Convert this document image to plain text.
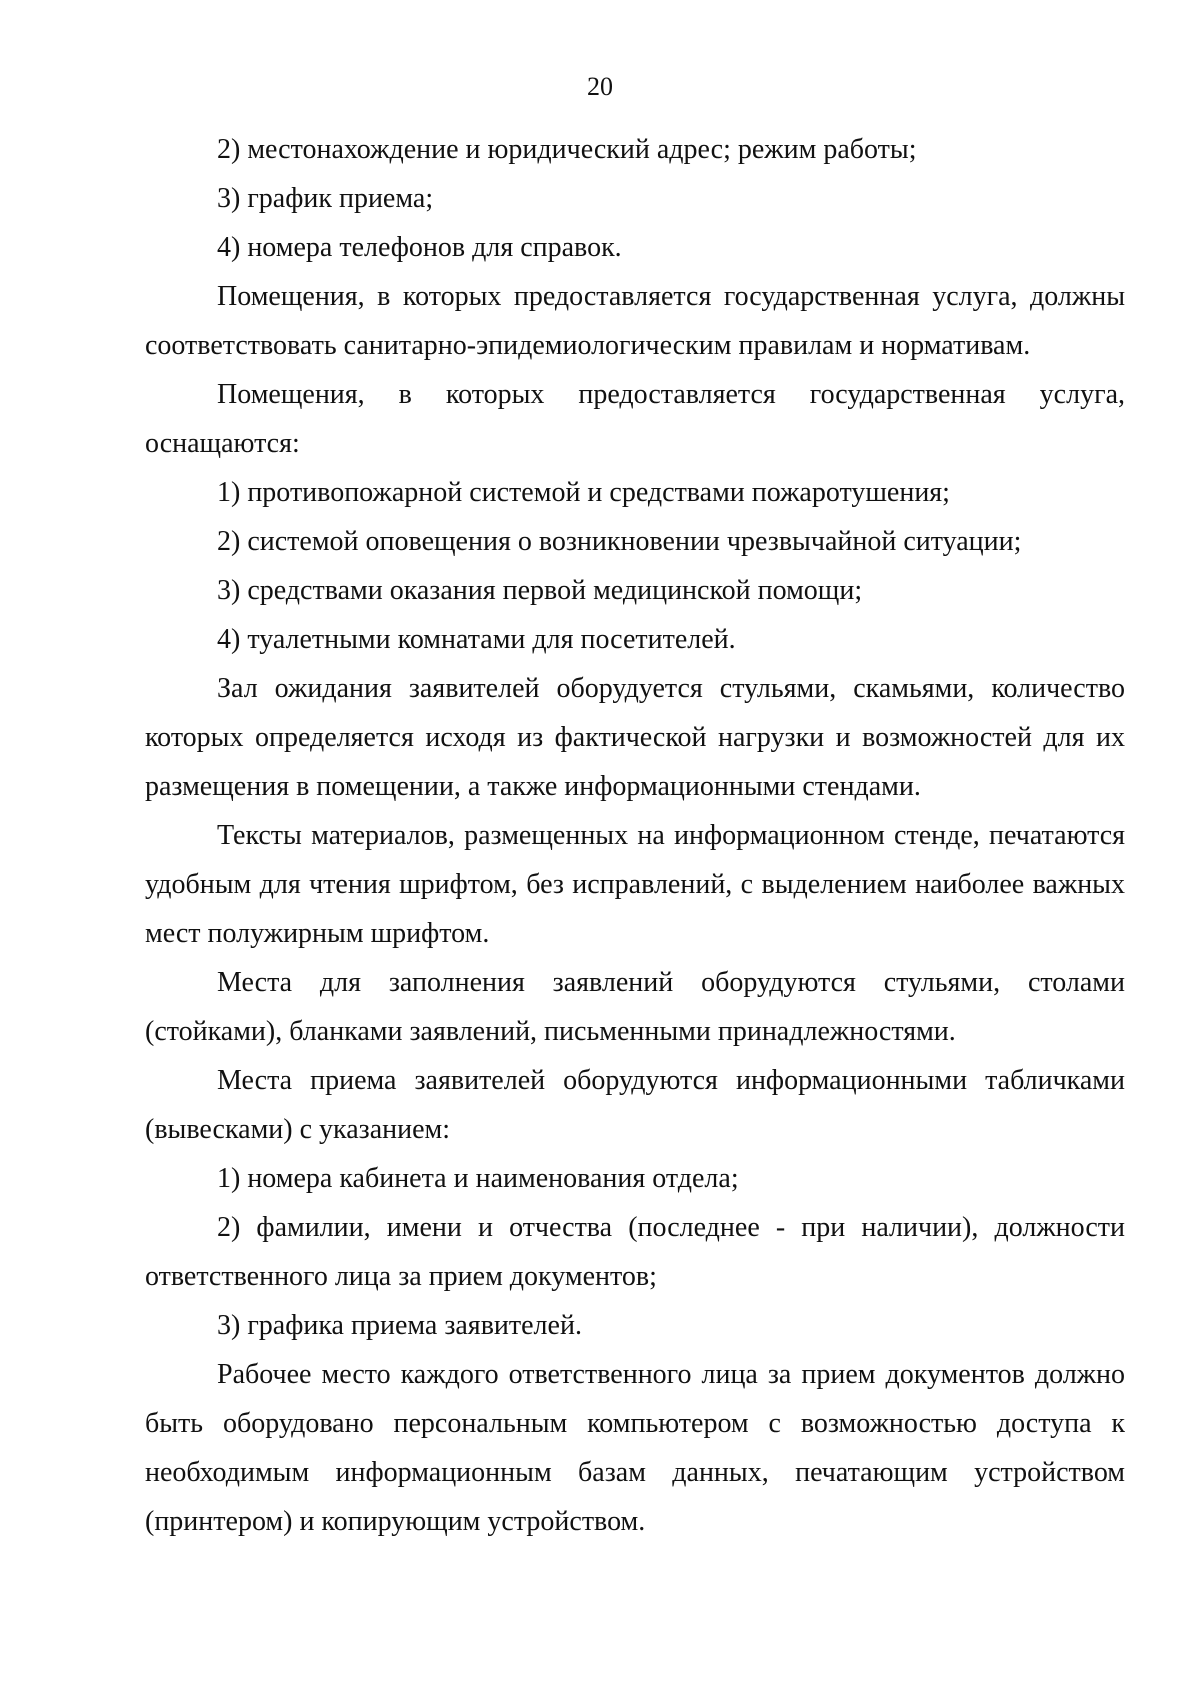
20

2) местонахождение и юридический адрес; режим работы;

3) график приема;

4) номера телефонов для справок.

Помещения, в которых предоставляется государственная услуга, должны соответствовать санитарно-эпидемиологическим правилам и нормативам.

Помещения, в которых предоставляется государственная услуга, оснащаются:

1) противопожарной системой и средствами пожаротушения;

2) системой оповещения о возникновении чрезвычайной ситуации;

3) средствами оказания первой медицинской помощи;

4) туалетными комнатами для посетителей.

Зал ожидания заявителей оборудуется стульями, скамьями, количество которых определяется исходя из фактической нагрузки и возможностей для их размещения в помещении, а также информационными стендами.

Тексты материалов, размещенных на информационном стенде, печатаются удобным для чтения шрифтом, без исправлений, с выделением наиболее важных мест полужирным шрифтом.

Места для заполнения заявлений оборудуются стульями, столами (стойками), бланками заявлений, письменными принадлежностями.

Места приема заявителей оборудуются информационными табличками (вывесками) с указанием:

1) номера кабинета и наименования отдела;

2) фамилии, имени и отчества (последнее - при наличии), должности ответственного лица за прием документов;

3) графика приема заявителей.

Рабочее место каждого ответственного лица за прием документов должно быть оборудовано персональным компьютером с возможностью доступа к необходимым информационным базам данных, печатающим устройством (принтером) и копирующим устройством.
